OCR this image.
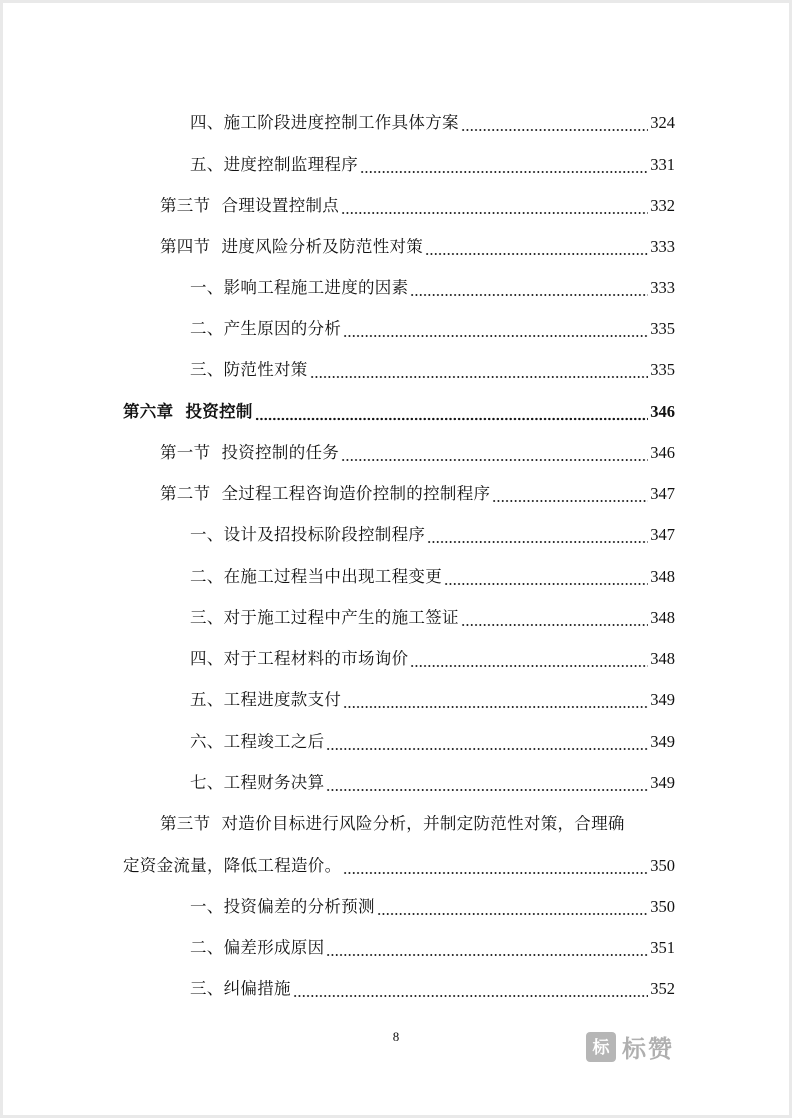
四、施工阶段进度控制工作具体方案	324
五、进度控制监理程序	331
第三节  合理设置控制点	332
第四节  进度风险分析及防范性对策	333
一、影响工程施工进度的因素	333
二、产生原因的分析	335
三、防范性对策	335
第六章  投资控制	346
第一节  投资控制的任务	346
第二节  全过程工程咨询造价控制的控制程序	347
一、设计及招投标阶段控制程序	347
二、在施工过程当中出现工程变更	348
三、对于施工过程中产生的施工签证	348
四、对于工程材料的市场询价	348
五、工程进度款支付	349
六、工程竣工之后	349
七、工程财务决算	349
第三节  对造价目标进行风险分析，并制定防范性对策，合理确
定资金流量，降低工程造价。	350
一、投资偏差的分析预测	350
二、偏差形成原因	351
三、纠偏措施	352
8
标 标赞
